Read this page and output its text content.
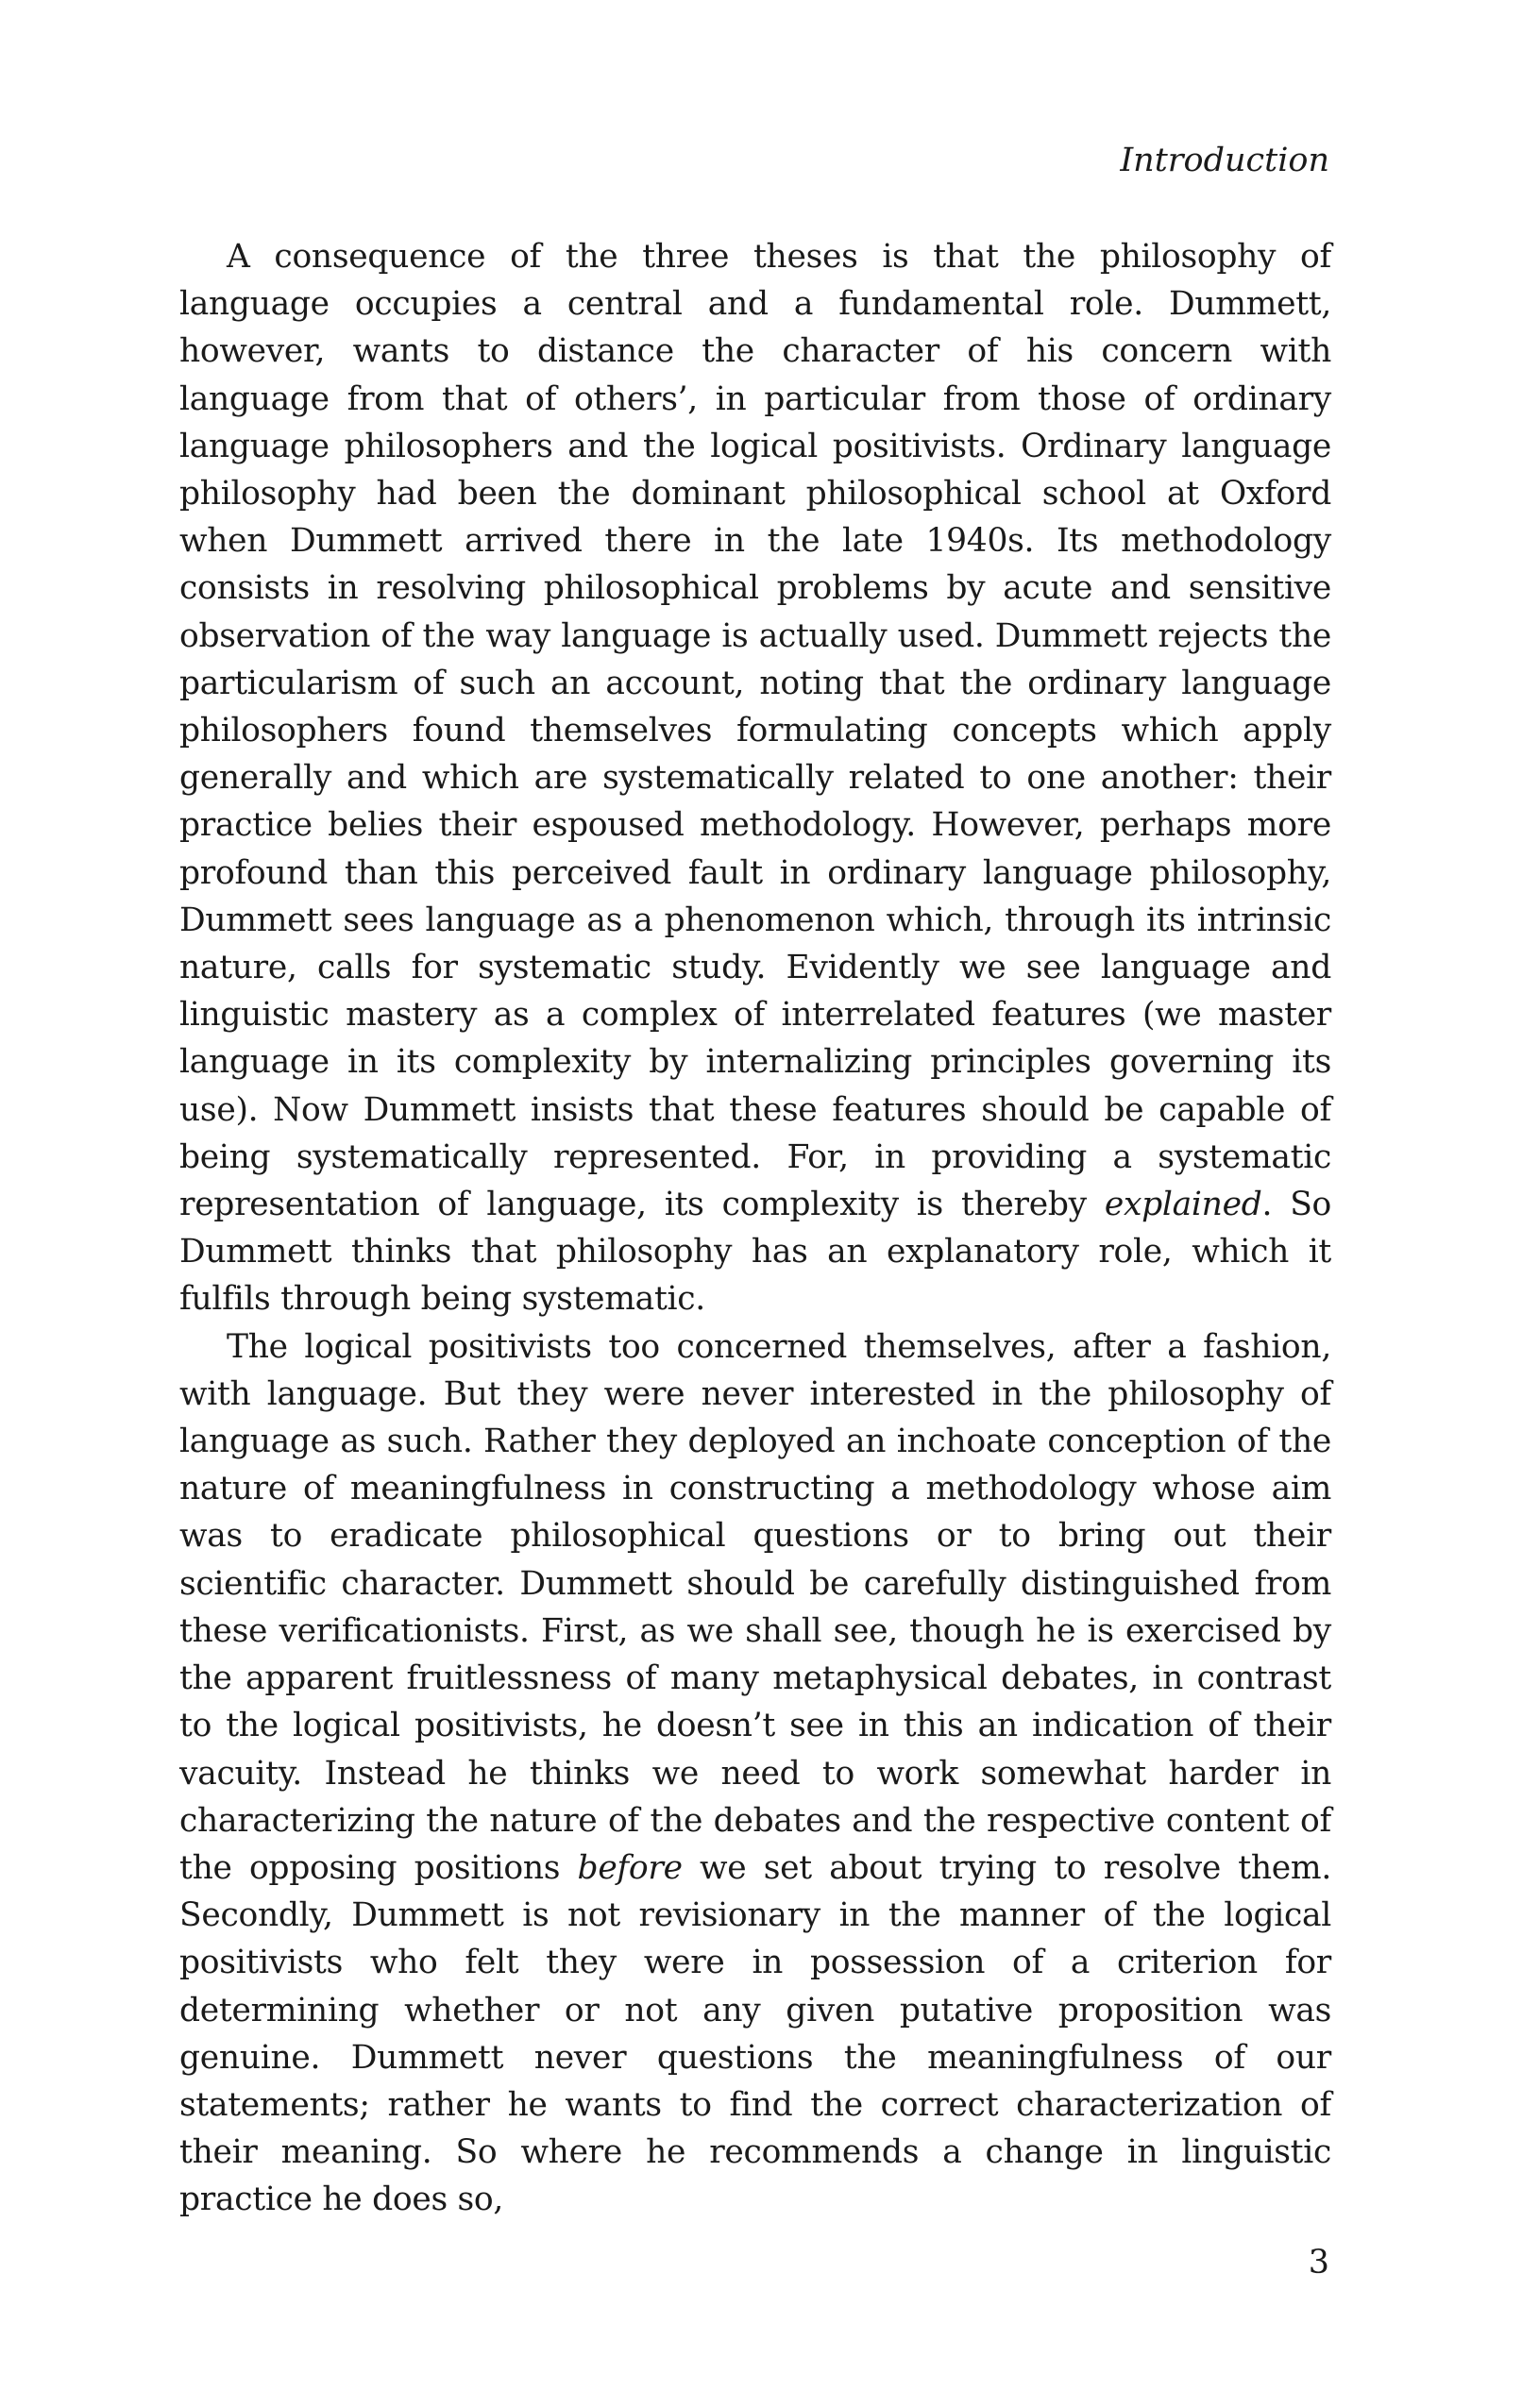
Introduction

A consequence of the three theses is that the philosophy of language occupies a central and a fundamental role. Dummett, however, wants to distance the character of his concern with language from that of others’, in particular from those of ordinary language philosophers and the logical positivists. Ordinary language philosophy had been the dominant philosophical school at Oxford when Dummett arrived there in the late 1940s. Its methodology consists in resolving philosophical problems by acute and sensitive observation of the way language is actually used. Dummett rejects the particularism of such an account, noting that the ordinary language philosophers found themselves formulating concepts which apply generally and which are systematically related to one another: their practice belies their espoused methodology. However, perhaps more profound than this perceived fault in ordinary language philosophy, Dummett sees language as a phenomenon which, through its intrinsic nature, calls for systematic study. Evidently we see language and linguistic mastery as a complex of interrelated features (we master language in its complexity by internalizing principles governing its use). Now Dummett insists that these features should be capable of being systematically represented. For, in providing a systematic representation of language, its complexity is thereby explained. So Dummett thinks that philosophy has an explanatory role, which it fulfils through being systematic.

The logical positivists too concerned themselves, after a fashion, with language. But they were never interested in the philosophy of language as such. Rather they deployed an inchoate conception of the nature of meaningfulness in constructing a methodology whose aim was to eradicate philosophical questions or to bring out their scientific character. Dummett should be carefully distinguished from these verificationists. First, as we shall see, though he is exercised by the apparent fruitlessness of many metaphysical debates, in contrast to the logical positivists, he doesn’t see in this an indication of their vacuity. Instead he thinks we need to work somewhat harder in characterizing the nature of the debates and the respective content of the opposing positions before we set about trying to resolve them. Secondly, Dummett is not revisionary in the manner of the logical positivists who felt they were in possession of a criterion for determining whether or not any given putative proposition was genuine. Dummett never questions the meaningfulness of our statements; rather he wants to find the correct characterization of their meaning. So where he recommends a change in linguistic practice he does so,

3
